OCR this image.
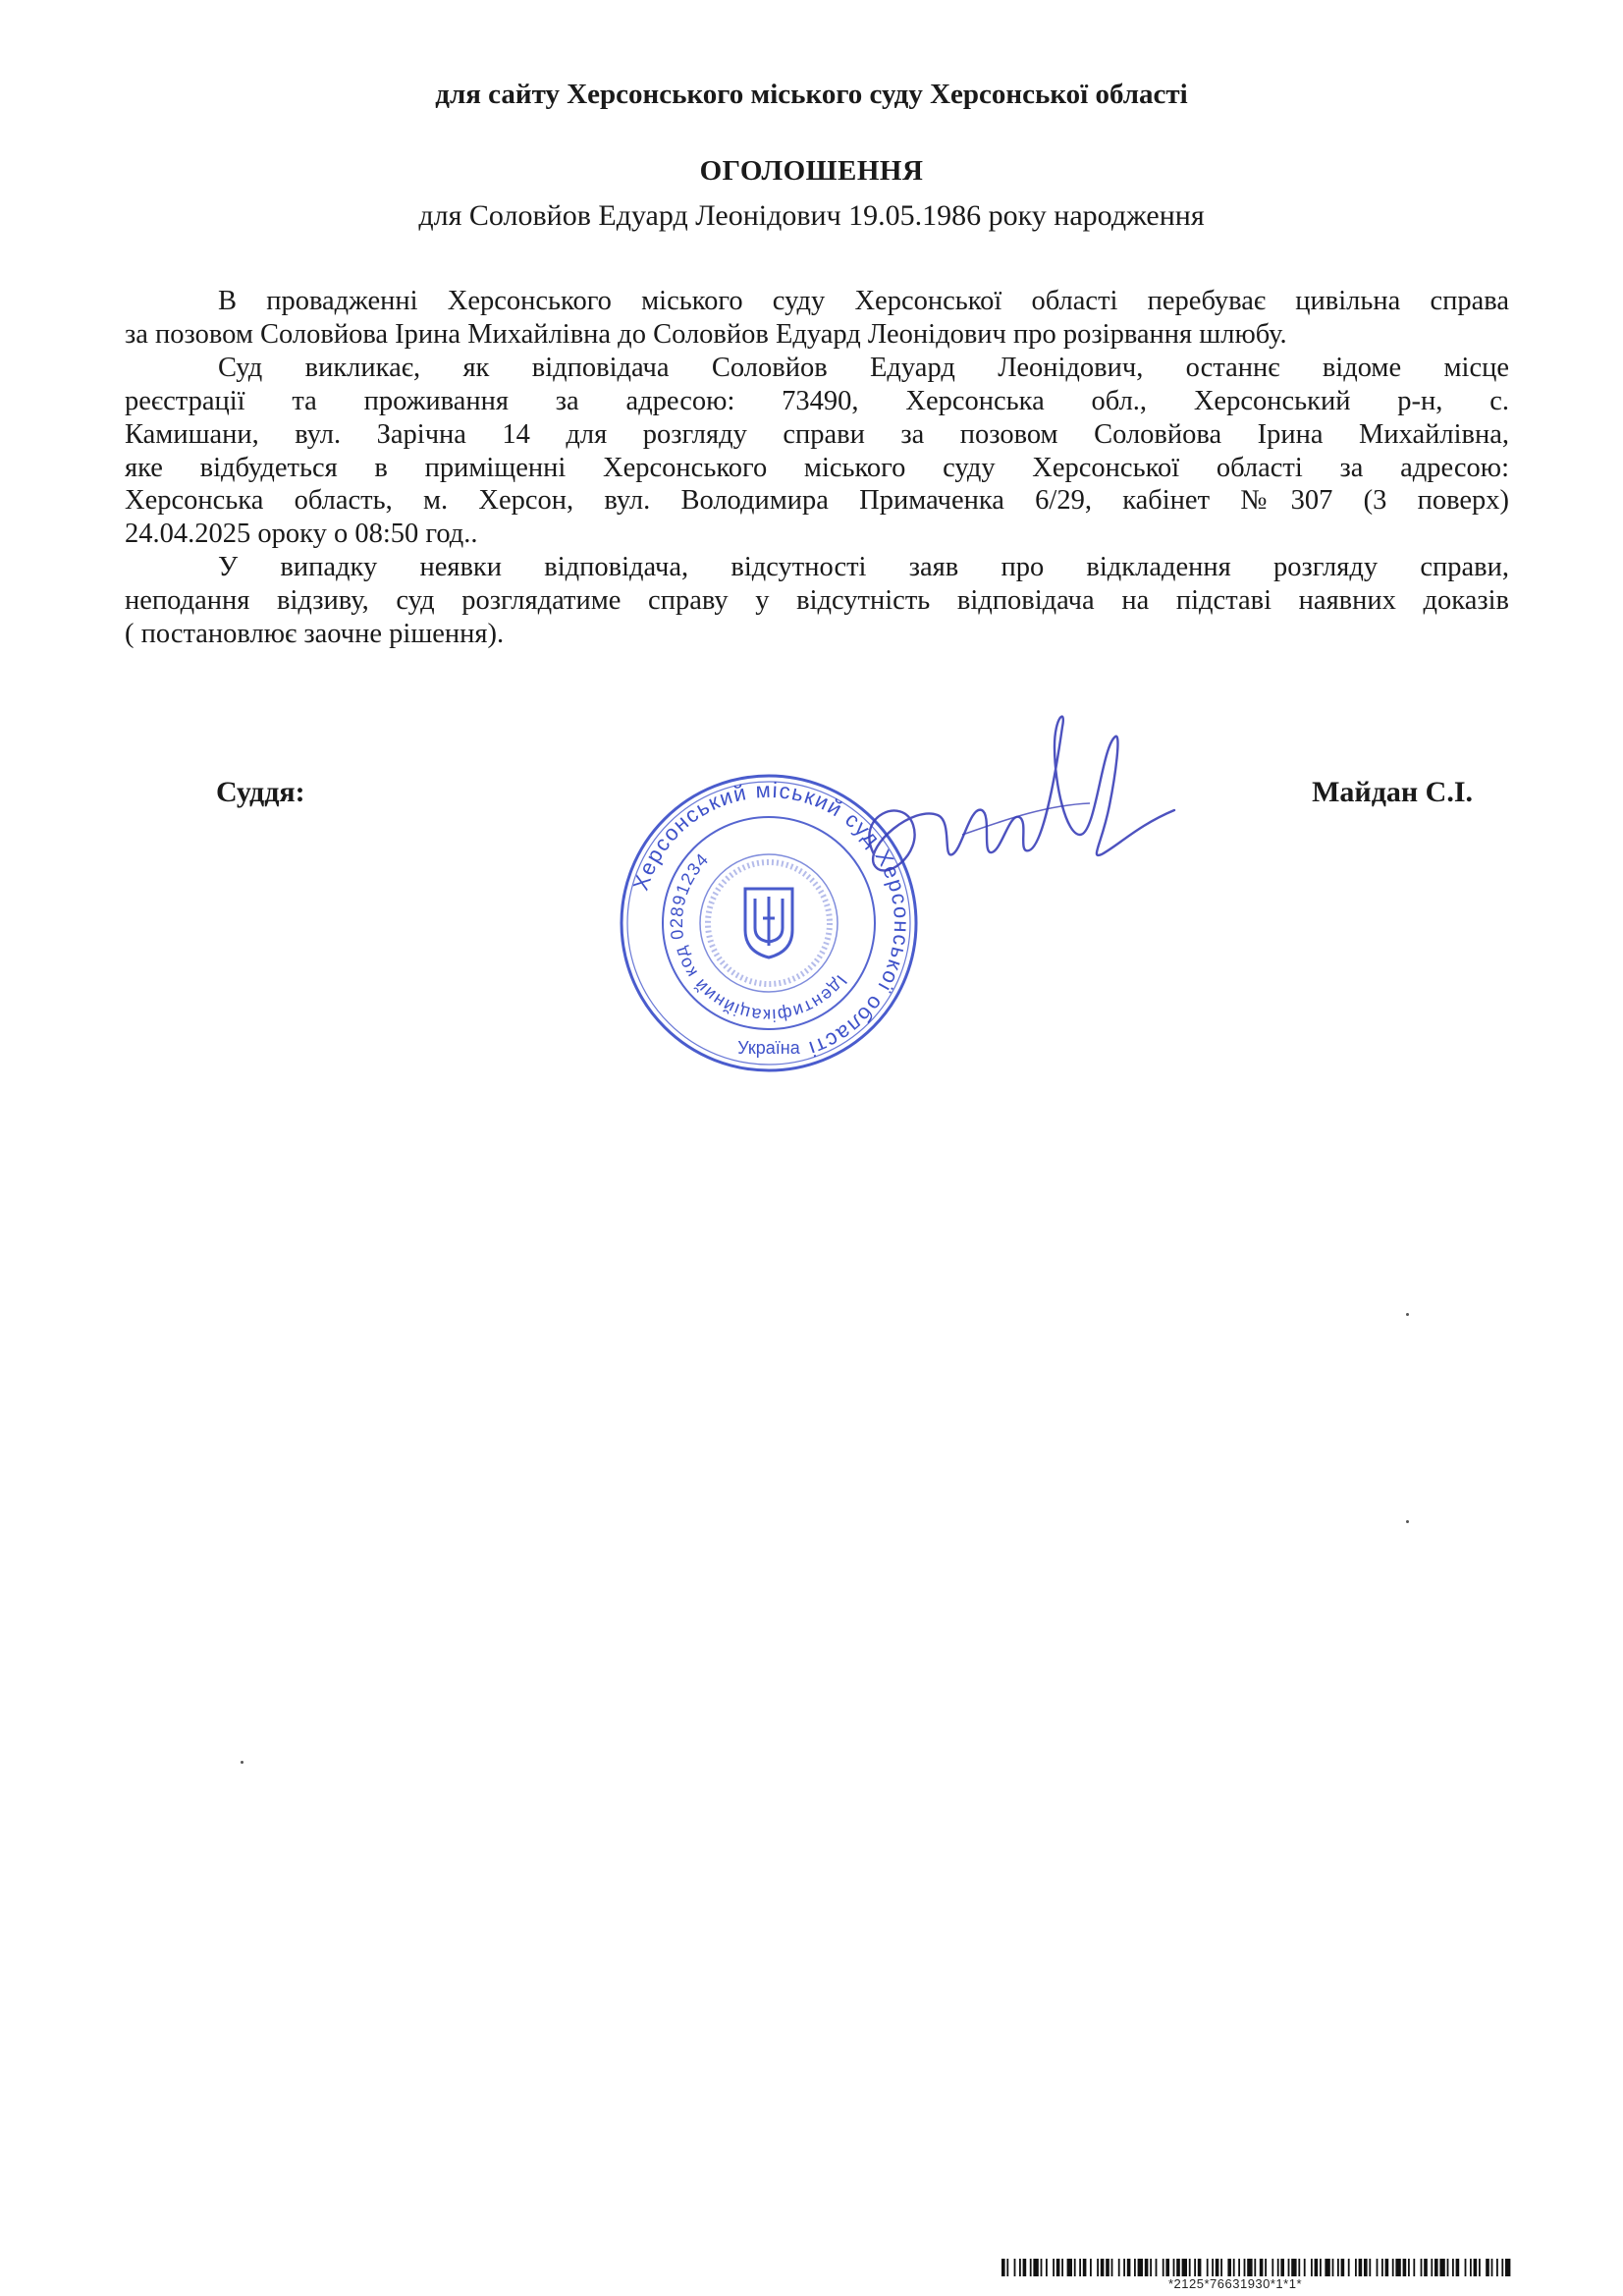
для сайту Херсонського міського суду Херсонської області
ОГОЛОШЕННЯ
для Соловйов Едуард Леонідович 19.05.1986 року народження
В провадженні Херсонського міського суду Херсонської області перебуває цивільна справа
за позовом Соловйова Ірина Михайлівна до Соловйов Едуард Леонідович про розірвання шлюбу.
Суд викликає, як відповідача Соловйов Едуард Леонідович, останнє відоме місце
реєстрації та проживання за адресою: 73490, Херсонська обл., Херсонський р-н, с.
Камишани, вул. Зарічна 14 для розгляду справи за позовом Соловйова Ірина Михайлівна,
яке відбудеться в приміщенні Херсонського міського суду Херсонської області за адресою:
Херсонська область, м. Херсон, вул. Володимира Примаченка 6/29, кабінет №307 (3 поверх)
24.04.2025 ороку о 08:50 год..
У випадку неявки відповідача, відсутності заяв про відкладення розгляду справи,
неподання відзиву, суд розглядатиме справу у відсутність відповідача на підставі наявних доказів
( постановлює заочне рішення).
Суддя:	Майдан С.І.
Херсонський міський суд Херсонської області
Ідентифікаційний код 02891234
Україна
*2125*76631930*1*1*
